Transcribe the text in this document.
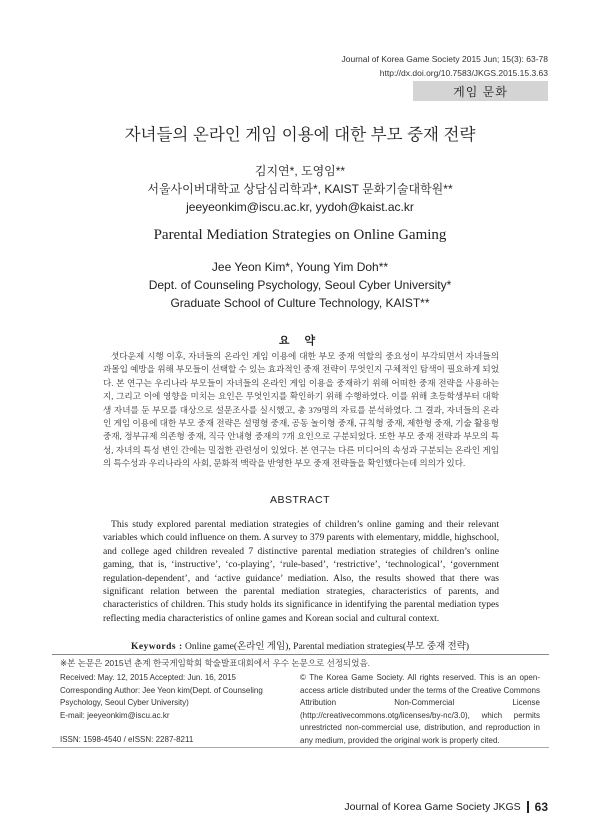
Journal of Korea Game Society 2015 Jun; 15(3): 63-78
http://dx.doi.org/10.7583/JKGS.2015.15.3.63
게임 문화
자녀들의 온라인 게임 이용에 대한 부모 중재 전략
김지연*, 도영임**
서울사이버대학교 상담심리학과*, KAIST 문화기술대학원**
jeeyeonkim@iscu.ac.kr, yydoh@kaist.ac.kr
Parental Mediation Strategies on Online Gaming
Jee Yeon Kim*, Young Yim Doh**
Dept. of Counseling Psychology, Seoul Cyber University*
Graduate School of Culture Technology, KAIST**
요 약
셧다운제 시행 이후, 자녀들의 온라인 게임 이용에 대한 부모 중재 역할의 중요성이 부각되면서 자녀들의 과몰입 예방을 위해 부모들이 선택할 수 있는 효과적인 중재 전략이 무엇인지 구체적인 탐색이 필요하게 되었다. 본 연구는 우리나라 부모들이 자녀들의 온라인 게임 이용을 중재하기 위해 어떠한 중재 전략을 사용하는지, 그리고 이에 영향을 미치는 요인은 무엇인지를 확인하기 위해 수행하였다. 이를 위해 초등학생부터 대학생 자녀를 둔 부모를 대상으로 설문조사를 실시했고, 총 379명의 자료를 분석하였다. 그 결과, 자녀들의 온라인 게임 이용에 대한 부모 중재 전략은 설명형 중재, 공동 놀이형 중재, 규칙형 중재, 제한형 중재, 기술 활용형 중재, 정부규제 의존형 중재, 직극 안내형 중재의 7개 요인으로 구분되었다. 또한 부모 중재 전략과 부모의 특성, 자녀의 특성 변인 간에는 밀접한 관련성이 있었다. 본 연구는 다른 미디어의 속성과 구분되는 온라인 게임의 특수성과 우리나라의 사회, 문화적 맥락을 반영한 부모 중재 전략들을 확인했다는데 의의가 있다.
ABSTRACT
This study explored parental mediation strategies of children’s online gaming and their relevant variables which could influence on them. A survey to 379 parents with elementary, middle, highschool, and college aged children revealed 7 distinctive parental mediation strategies of children’s online gaming, that is, ‘instructive’, ‘co-playing’, ‘rule-based’, ‘restrictive’, ‘technological’, ‘government regulation-dependent’, and ‘active guidance’ mediation. Also, the results showed that there was significant relation between the parental mediation strategies, characteristics of parents, and characteristics of children. This study holds its significance in identifying the parental mediation types reflecting media characteristics of online games and Korean social and cultural context.
Keywords : Online game(온라인 게임), Parental mediation strategies(부모 중재 전략)
※본 논문은 2015년 춘계 한국게임학회 학술발표대회에서 우수 논문으로 선정되었음.
Received: May. 12, 2015 Accepted: Jun. 16, 2015
Corresponding Author: Jee Yeon kim(Dept. of Counseling Psychology, Seoul Cyber University)
E-mail: jeeyeonkim@iscu.ac.kr
ISSN: 1598-4540 / eISSN: 2287-8211
© The Korea Game Society. All rights reserved. This is an open-access article distributed under the terms of the Creative Commons Attribution Non-Commercial License (http://creativecommons.otg/licenses/by-nc/3.0), which permits unrestricted non-commercial use, distribution, and reproduction in any medium, provided the original work is properly cited.
Journal of Korea Game Society JKGS 63
